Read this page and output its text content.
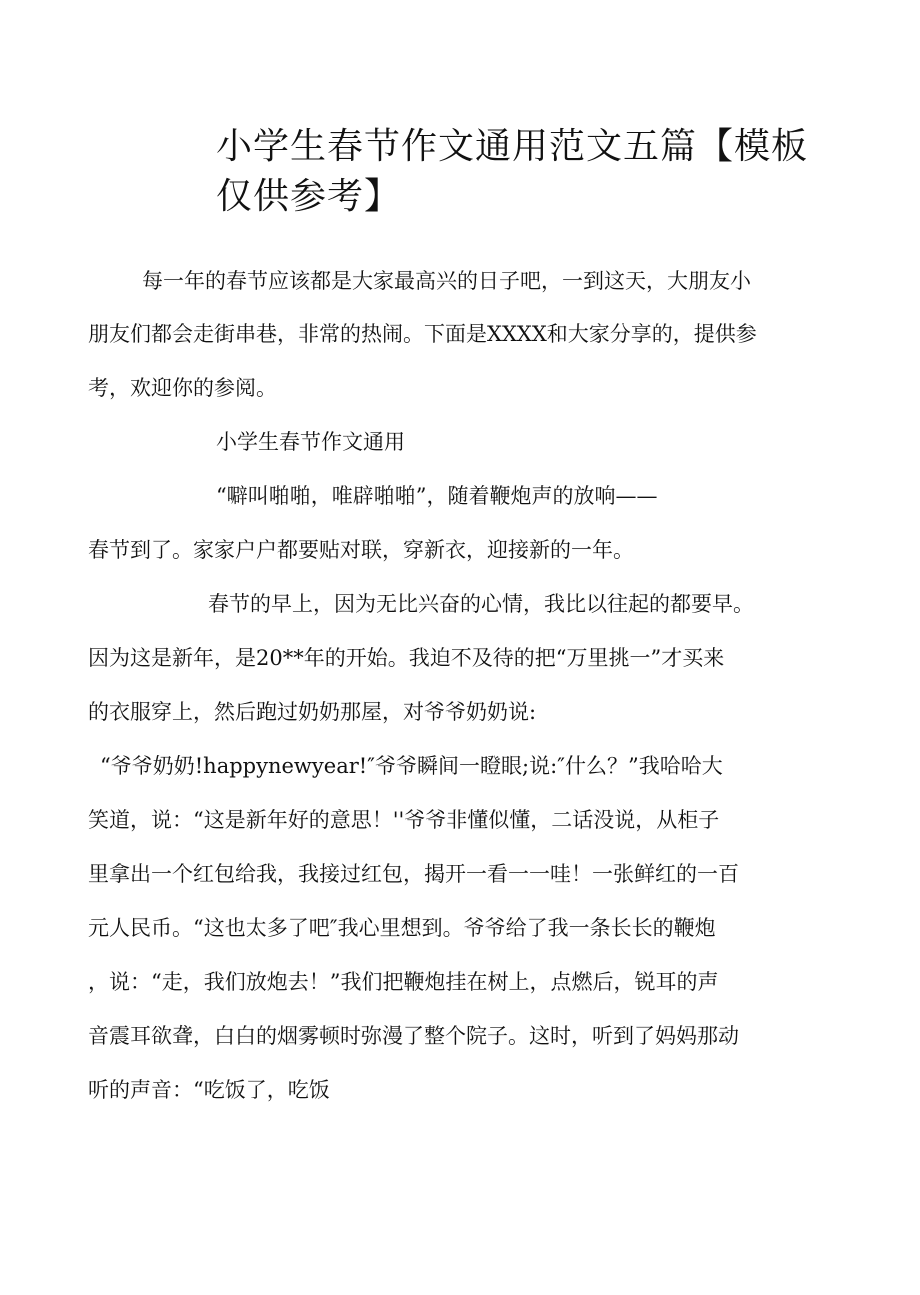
小学生春节作文通用范文五篇【模板仅供参考】

每一年的春节应该都是大家最高兴的日子吧，一到这天，大朋友小

朋友们都会走街串巷，非常的热闹。下面是XXXX和大家分享的，提供参

考，欢迎你的参阅。

小学生春节作文通用

“噼叫啪啪，唯辟啪啪”，随着鞭炮声的放响——

春节到了。家家户户都要贴对联，穿新衣，迎接新的一年。

春节的早上，因为无比兴奋的心情，我比以往起的都要早。

因为这是新年，是20**年的开始。我迫不及待的把“万里挑一”才买来

的衣服穿上，然后跑过奶奶那屋，对爷爷奶奶说:

“爷爷奶奶!happynewyear!″爷爷瞬间一瞪眼;说:″什么？”我哈哈大

笑道，说：“这是新年好的意思！''爷爷非懂似懂，二话没说，从柜子

里拿出一个红包给我，我接过红包，揭开一看一一哇！一张鲜红的一百

元人民币。“这也太多了吧″我心里想到。爷爷给了我一条长长的鞭炮

，说：“走，我们放炮去！”我们把鞭炮挂在树上，点燃后，锐耳的声

音震耳欲聋，白白的烟雾顿时弥漫了整个院子。这时，听到了妈妈那动

听的声音：“吃饭了，吃饭
